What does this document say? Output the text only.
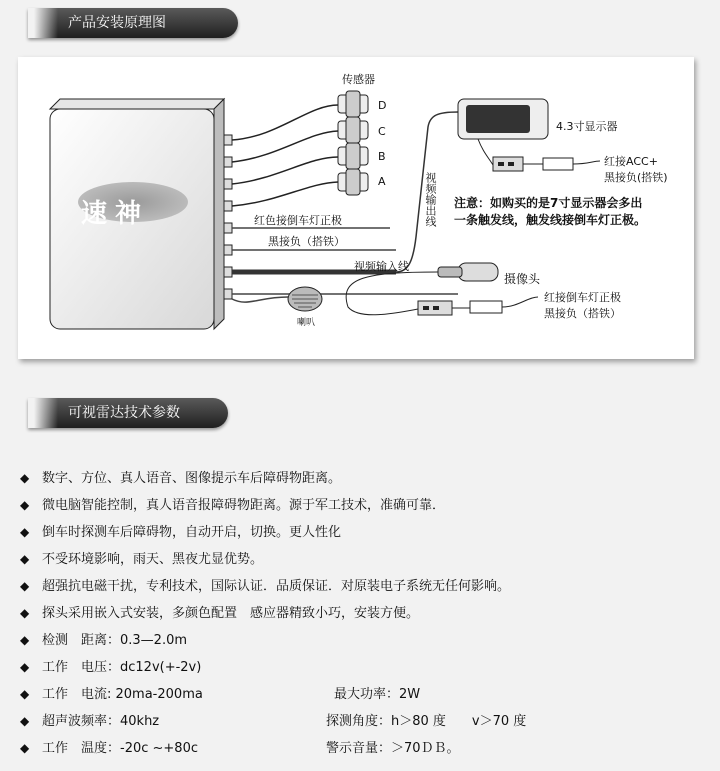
产品安装原理图
速神
传感器
D
C
B
A
红色接倒车灯正极
黑接负（搭铁）
喇叭
视频输出线
视频输入线
4.3寸显示器
红接ACC+
黑接负(搭铁)
注意：如购买的是7寸显示器会多出
一条触发线，触发线接倒车灯正极。
摄像头
红接倒车灯正极
黑接负（搭铁）
可视雷达技术参数
◆ 数字、方位、真人语音、图像提示车后障碍物距离。
◆ 微电脑智能控制，真人语音报障碍物距离。源于军工技术，准确可靠．
◆ 倒车时探测车后障碍物，自动开启，切换。更人性化
◆ 不受环境影响，雨天、黑夜尤显优势。
◆ 超强抗电磁干扰，专利技术，国际认证．品质保证．对原装电子系统无任何影响。
◆ 探头采用嵌入式安装，多颜色配置　感应器精致小巧，安装方便。
◆ 检测　距离：0.3—2.0m
◆ 工作　电压：dc12v(+-2v)
◆ 工作　电流: 20ma-200ma
◆ 超声波频率：40khz
◆ 工作　温度：-20c ~+80c
最大功率：2W
探测角度：h＞80 度　　v＞70 度
警示音量：＞70ＤＢ。
